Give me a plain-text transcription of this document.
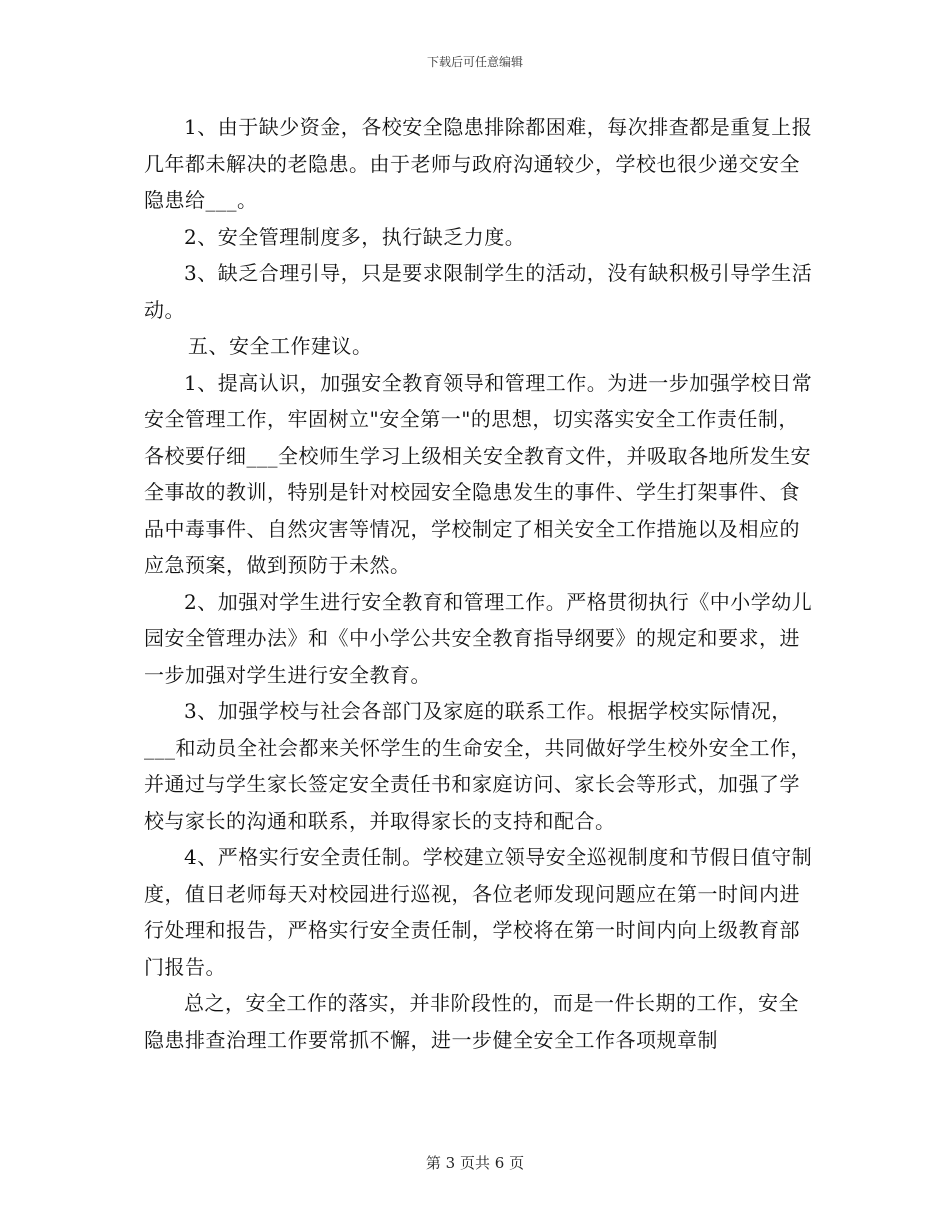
下载后可任意编辑

1、由于缺少资金，各校安全隐患排除都困难，每次排查都是重复上报几年都未解决的老隐患。由于老师与政府沟通较少，学校也很少递交安全隐患给___。

2、安全管理制度多，执行缺乏力度。

3、缺乏合理引导，只是要求限制学生的活动，没有缺积极引导学生活动。

五、安全工作建议。

1、提高认识，加强安全教育领导和管理工作。为进一步加强学校日常安全管理工作，牢固树立"安全第一"的思想，切实落实安全工作责任制，各校要仔细___全校师生学习上级相关安全教育文件，并吸取各地所发生安全事故的教训，特别是针对校园安全隐患发生的事件、学生打架事件、食品中毒事件、自然灾害等情况，学校制定了相关安全工作措施以及相应的应急预案，做到预防于未然。

2、加强对学生进行安全教育和管理工作。严格贯彻执行《中小学幼儿园安全管理办法》和《中小学公共安全教育指导纲要》的规定和要求，进一步加强对学生进行安全教育。

3、加强学校与社会各部门及家庭的联系工作。根据学校实际情况，___和动员全社会都来关怀学生的生命安全，共同做好学生校外安全工作，并通过与学生家长签定安全责任书和家庭访问、家长会等形式，加强了学校与家长的沟通和联系，并取得家长的支持和配合。

4、严格实行安全责任制。学校建立领导安全巡视制度和节假日值守制度，值日老师每天对校园进行巡视，各位老师发现问题应在第一时间内进行处理和报告，严格实行安全责任制，学校将在第一时间内向上级教育部门报告。

总之，安全工作的落实，并非阶段性的，而是一件长期的工作，安全隐患排查治理工作要常抓不懈，进一步健全安全工作各项规章制

第 3 页共 6 页
